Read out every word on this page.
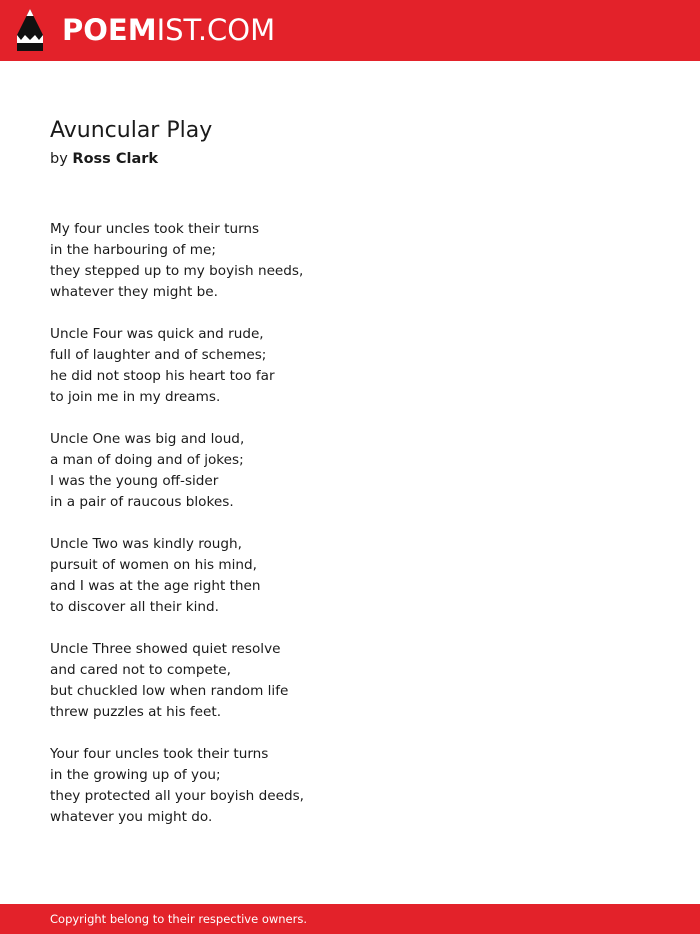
POEMIST.COM
Avuncular Play
by Ross Clark
My four uncles took their turns
in the harbouring of me;
they stepped up to my boyish needs,
whatever they might be.
Uncle Four was quick and rude,
full of laughter and of schemes;
he did not stoop his heart too far
to join me in my dreams.
Uncle One was big and loud,
a man of doing and of jokes;
I was the young off-sider
in a pair of raucous blokes.
Uncle Two was kindly rough,
pursuit of women on his mind,
and I was at the age right then
to discover all their kind.
Uncle Three showed quiet resolve
and cared not to compete,
but chuckled low when random life
threw puzzles at his feet.
Your four uncles took their turns
in the growing up of you;
they protected all your boyish deeds,
whatever you might do.
Copyright belong to their respective owners.
